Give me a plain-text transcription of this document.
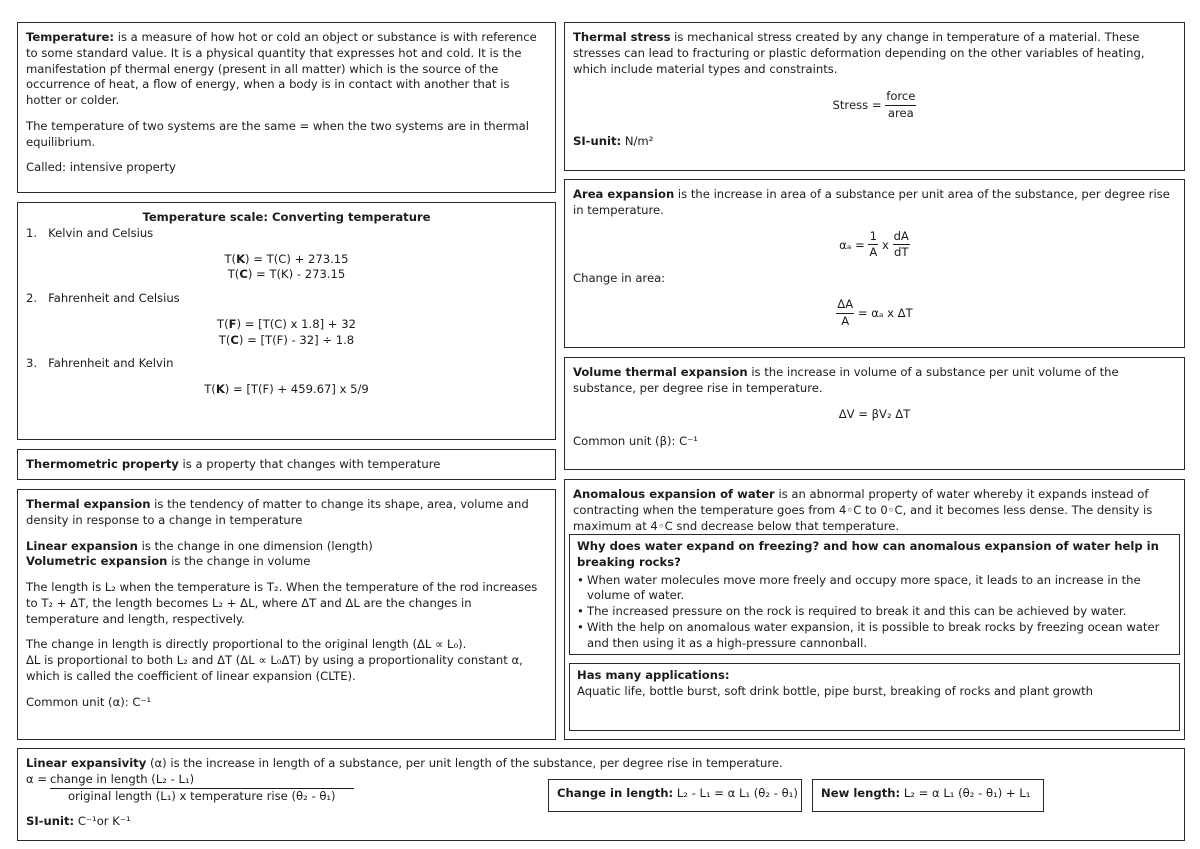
Temperature: is a measure of how hot or cold an object or substance is with reference to some standard value. It is a physical quantity that expresses hot and cold. It is the manifestation pf thermal energy (present in all matter) which is the source of the occurrence of heat, a flow of energy, when a body is in contact with another that is hotter or colder.

The temperature of two systems are the same = when the two systems are in thermal equilibrium.

Called: intensive property

Temperature scale: Converting temperature

1.   Kelvin and Celsius

T(K) = T(C) + 273.15
T(C) = T(K) - 273.15

2.   Fahrenheit and Celsius

T(F) = [T(C) x 1.8] + 32
T(C) = [T(F) - 32] ÷ 1.8

3.   Fahrenheit and Kelvin

T(K) = [T(F) + 459.67] x 5/9

Thermometric property is a property that changes with temperature

Thermal expansion is the tendency of matter to change its shape, area, volume and density in response to a change in temperature

Linear expansion is the change in one dimension (length)

Volumetric expansion is the change in volume

The length is L₂ when the temperature is T₂. When the temperature of the rod increases to T₂ + ΔT, the length becomes L₂ + ΔL, where ΔT and ΔL are the changes in temperature and length, respectively.

The change in length is directly proportional to the original length (ΔL ∝ L₀).

ΔL is proportional to both L₂ and ΔT (ΔL ∝ L₀ΔT) by using a proportionality constant α, which is called the coefficient of linear expansion (CLTE).

Common unit (α): C⁻¹

Thermal stress is mechanical stress created by any change in temperature of a material. These stresses can lead to fracturing or plastic deformation depending on the other variables of heating, which include material types and constraints.

Stress = $\frac{\text{force}}{\text{area}}$

SI-unit: N/m²

Area expansion is the increase in area of a substance per unit area of the substance, per degree rise in temperature.

$\alpha_a = \frac{1}{A}$ x $\frac{dA}{dT}$

Change in area:

$\frac{\Delta A}{A} = \alpha_a$ x ΔT

Volume thermal expansion is the increase in volume of a substance per unit volume of the substance, per degree rise in temperature.

ΔV = βV₂ ΔT

Common unit (β): C⁻¹

Anomalous expansion of water is an abnormal property of water whereby it expands instead of contracting when the temperature goes from 4◦C to 0◦C, and it becomes less dense. The density is maximum at 4◦C snd decrease below that temperature.

Why does water expand on freezing? and how can anomalous expansion of water help in breaking rocks?

• When water molecules move more freely and occupy more space, it leads to an increase in the volume of water.
• The increased pressure on the rock is required to break it and this can be achieved by water.
• With the help on anomalous water expansion, it is possible to break rocks by freezing ocean water and then using it as a high-pressure cannonball.

Has many applications:

Aquatic life, bottle burst, soft drink bottle, pipe burst, breaking of rocks and plant growth

Linear expansivity (α) is the increase in length of a substance, per unit length of the substance, per degree rise in temperature.

α = change in length (L₂ - L₁)
original length (L₁) x temperature rise (θ₂ - θ₁)

SI-unit: C⁻¹or K⁻¹

Change in length: L₂ - L₁ = α L₁ (θ₂ - θ₁)	New length: L₂ = α L₁ (θ₂ - θ₁) + L₁
